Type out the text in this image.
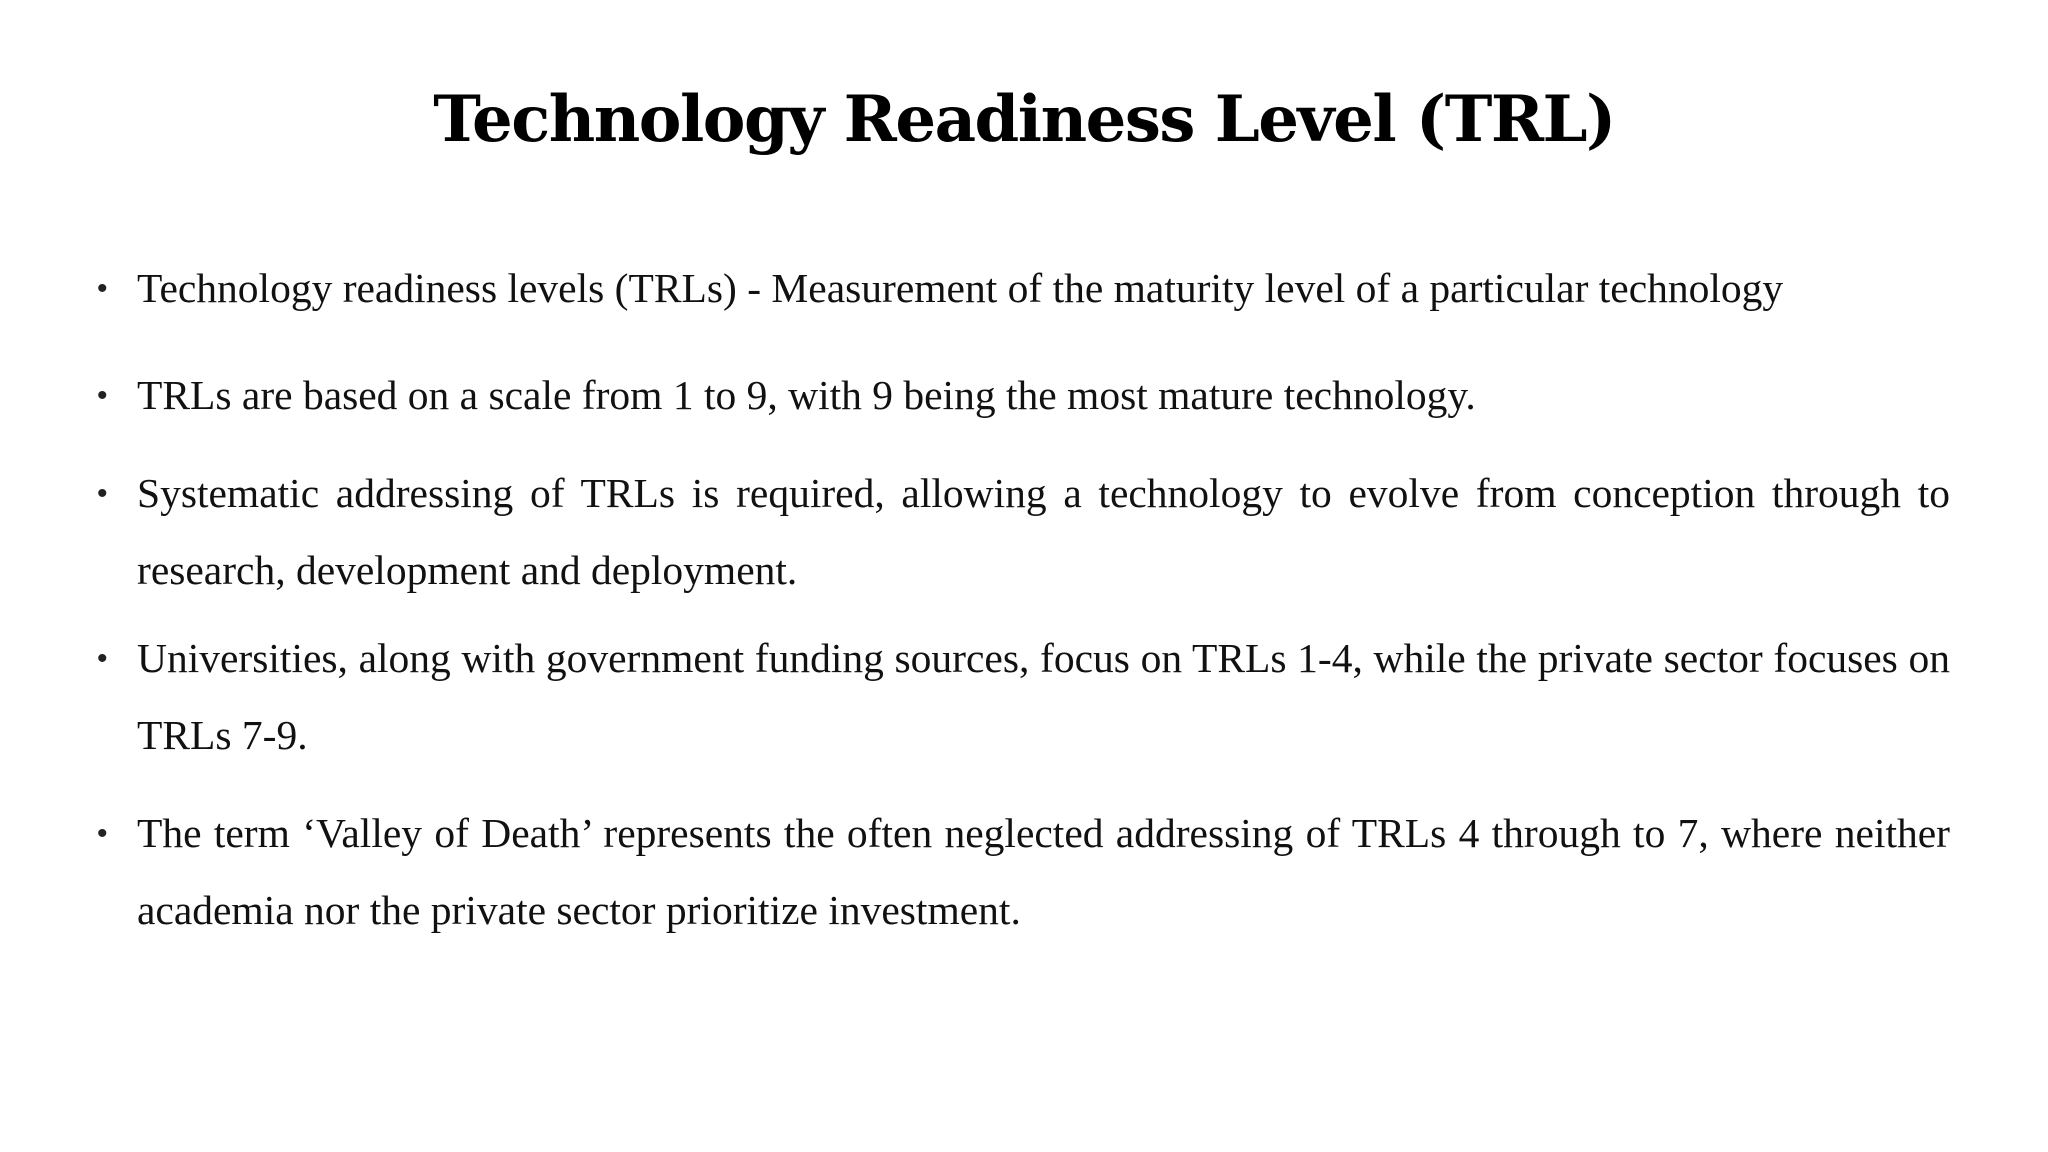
Technology Readiness Level (TRL)
• Technology readiness levels (TRLs) - Measurement of the maturity level of a particular technology
• TRLs are based on a scale from 1 to 9, with 9 being the most mature technology.
• Systematic addressing of TRLs is required, allowing a technology to evolve from conception through to research, development and deployment.
• Universities, along with government funding sources, focus on TRLs 1-4, while the private sector focuses on TRLs 7-9.
• The term ‘Valley of Death’ represents the often neglected addressing of TRLs 4 through to 7, where neither academia nor the private sector prioritize investment.
